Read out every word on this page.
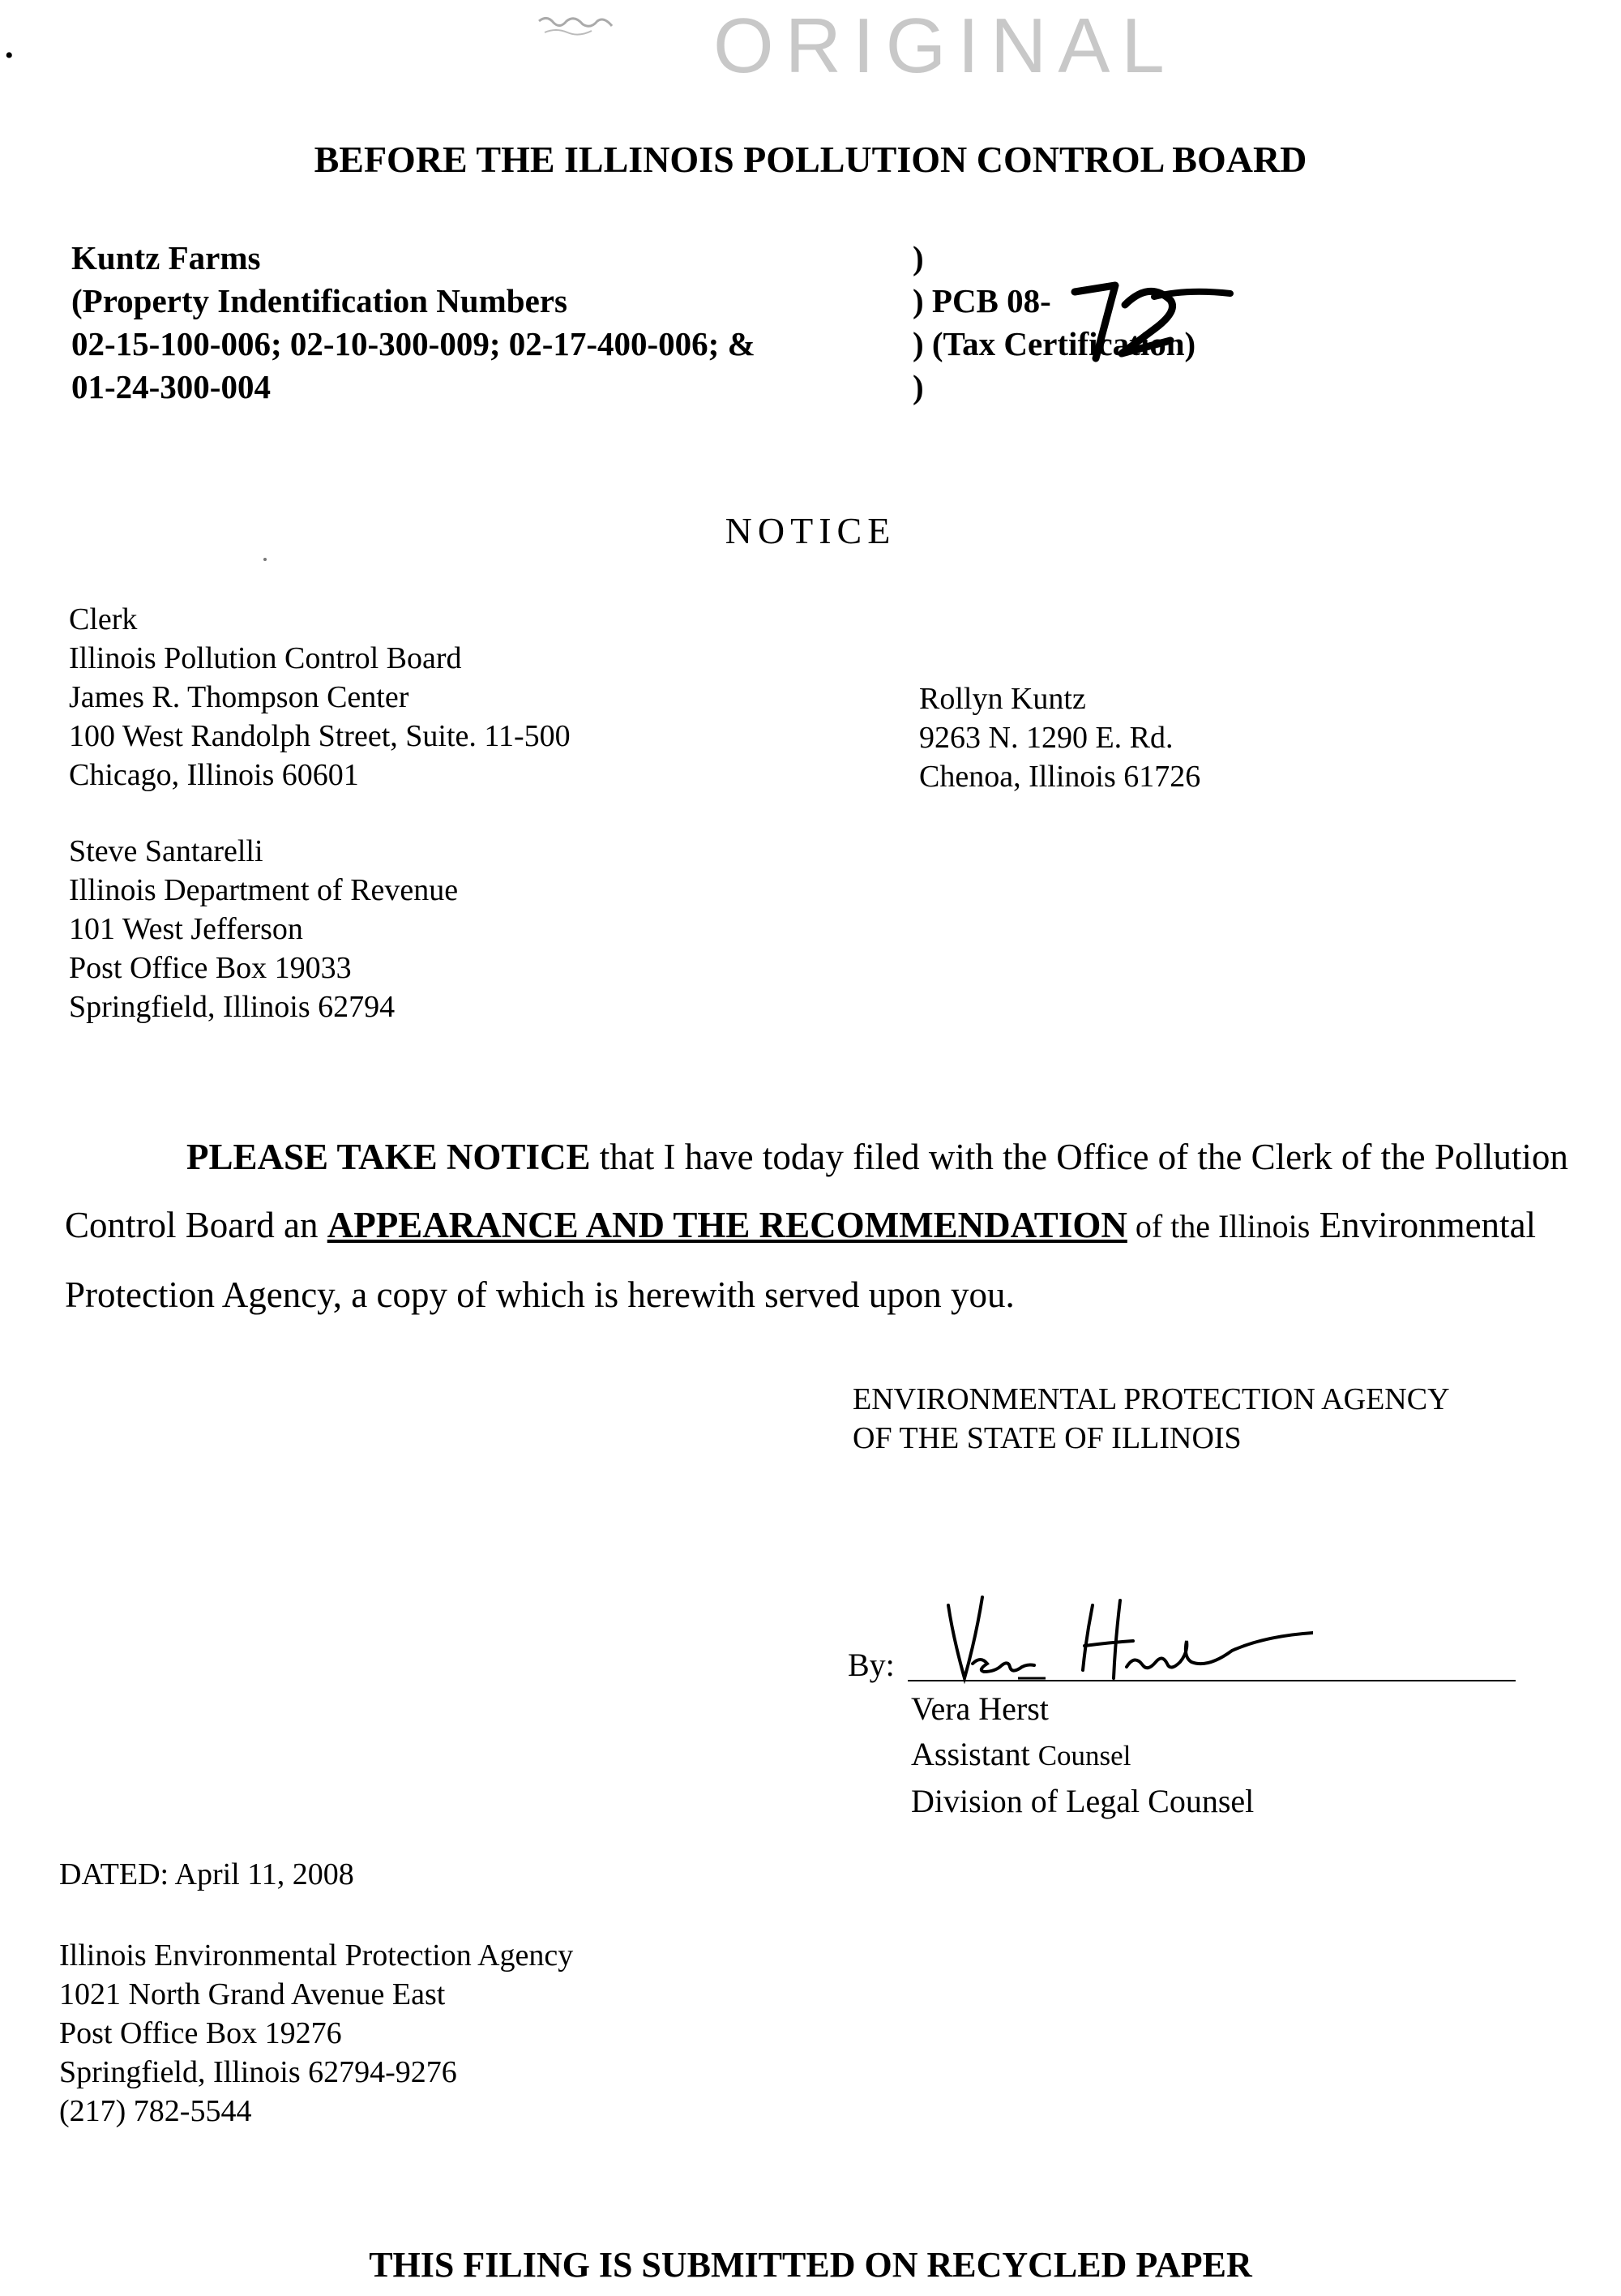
ORIGINAL
•
BEFORE THE ILLINOIS POLLUTION CONTROL BOARD
Kuntz Farms
(Property Indentification Numbers
02-15-100-006; 02-10-300-009; 02-17-400-006; &
01-24-300-004
)
) PCB 08-
) (Tax Certification)
)
NOTICE
Clerk
Illinois Pollution Control Board
James R. Thompson Center
100 West Randolph Street, Suite. 11-500
Chicago, Illinois 60601
Rollyn Kuntz
9263 N. 1290 E. Rd.
Chenoa, Illinois 61726
Steve Santarelli
Illinois Department of Revenue
101 West Jefferson
Post Office Box 19033
Springfield, Illinois 62794
PLEASE TAKE NOTICE that I have today filed with the Office of the Clerk of the Pollution Control Board an APPEARANCE AND THE RECOMMENDATION of the Illinois Environmental Protection Agency, a copy of which is herewith served upon you.
ENVIRONMENTAL PROTECTION AGENCY
OF THE STATE OF ILLINOIS
By:
Vera Herst
Assistant Counsel
Division of Legal Counsel
DATED: April 11, 2008
Illinois Environmental Protection Agency
1021 North Grand Avenue East
Post Office Box 19276
Springfield, Illinois 62794-9276
(217) 782-5544
THIS FILING IS SUBMITTED ON RECYCLED PAPER
